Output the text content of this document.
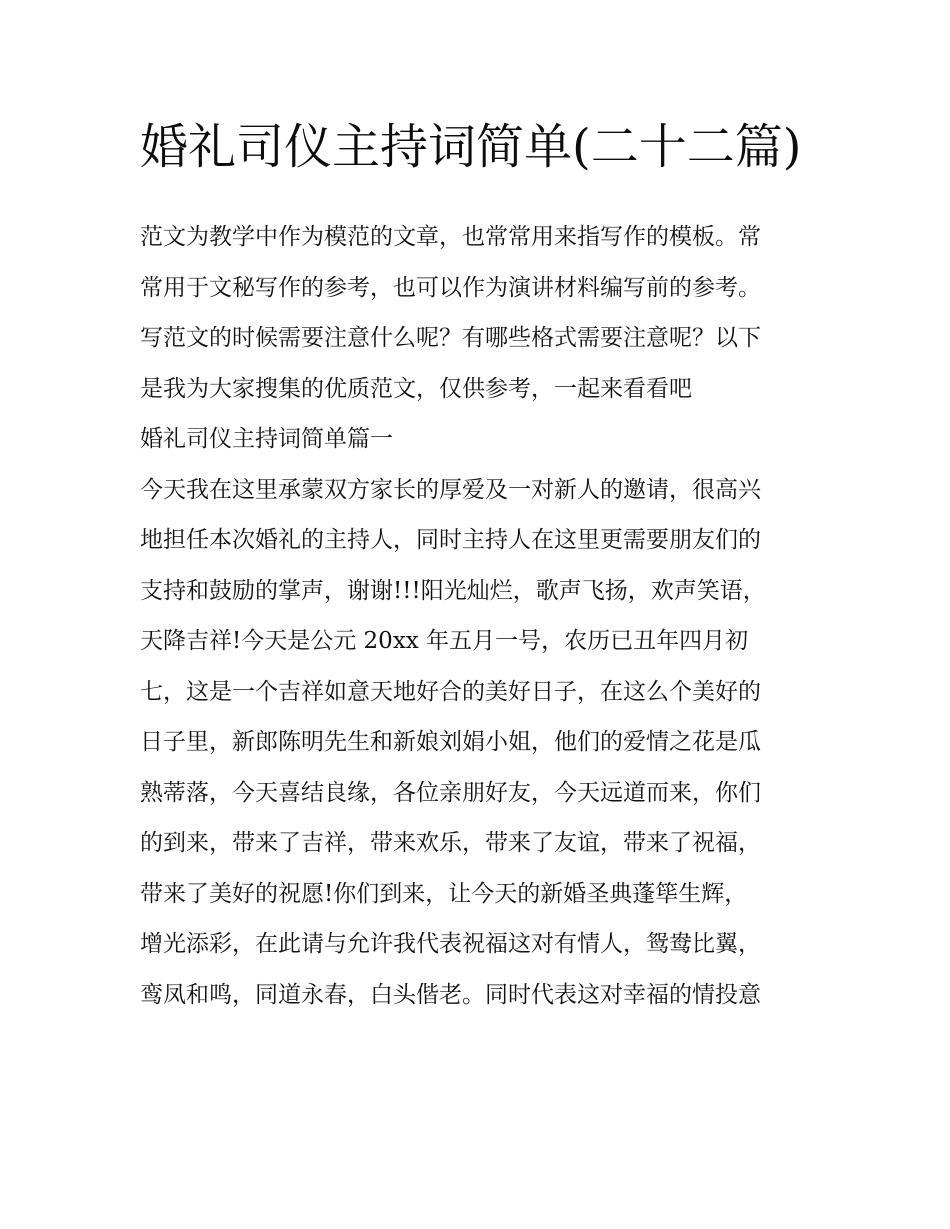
婚礼司仪主持词简单(二十二篇)
范文为教学中作为模范的文章，也常常用来指写作的模板。常
常用于文秘写作的参考，也可以作为演讲材料编写前的参考。
写范文的时候需要注意什么呢？有哪些格式需要注意呢？以下
是我为大家搜集的优质范文，仅供参考，一起来看看吧
婚礼司仪主持词简单篇一
今天我在这里承蒙双方家长的厚爱及一对新人的邀请，很高兴
地担任本次婚礼的主持人，同时主持人在这里更需要朋友们的
支持和鼓励的掌声，谢谢!!!阳光灿烂，歌声飞扬，欢声笑语，
天降吉祥!今天是公元 20xx 年五月一号，农历已丑年四月初
七，这是一个吉祥如意天地好合的美好日子，在这么个美好的
日子里，新郎陈明先生和新娘刘娟小姐，他们的爱情之花是瓜
熟蒂落，今天喜结良缘，各位亲朋好友，今天远道而来，你们
的到来，带来了吉祥，带来欢乐，带来了友谊，带来了祝福，
带来了美好的祝愿!你们到来，让今天的新婚圣典蓬筚生辉，
增光添彩，在此请与允许我代表祝福这对有情人，鸳鸯比翼，
鸾凤和鸣，同道永春，白头偕老。同时代表这对幸福的情投意
